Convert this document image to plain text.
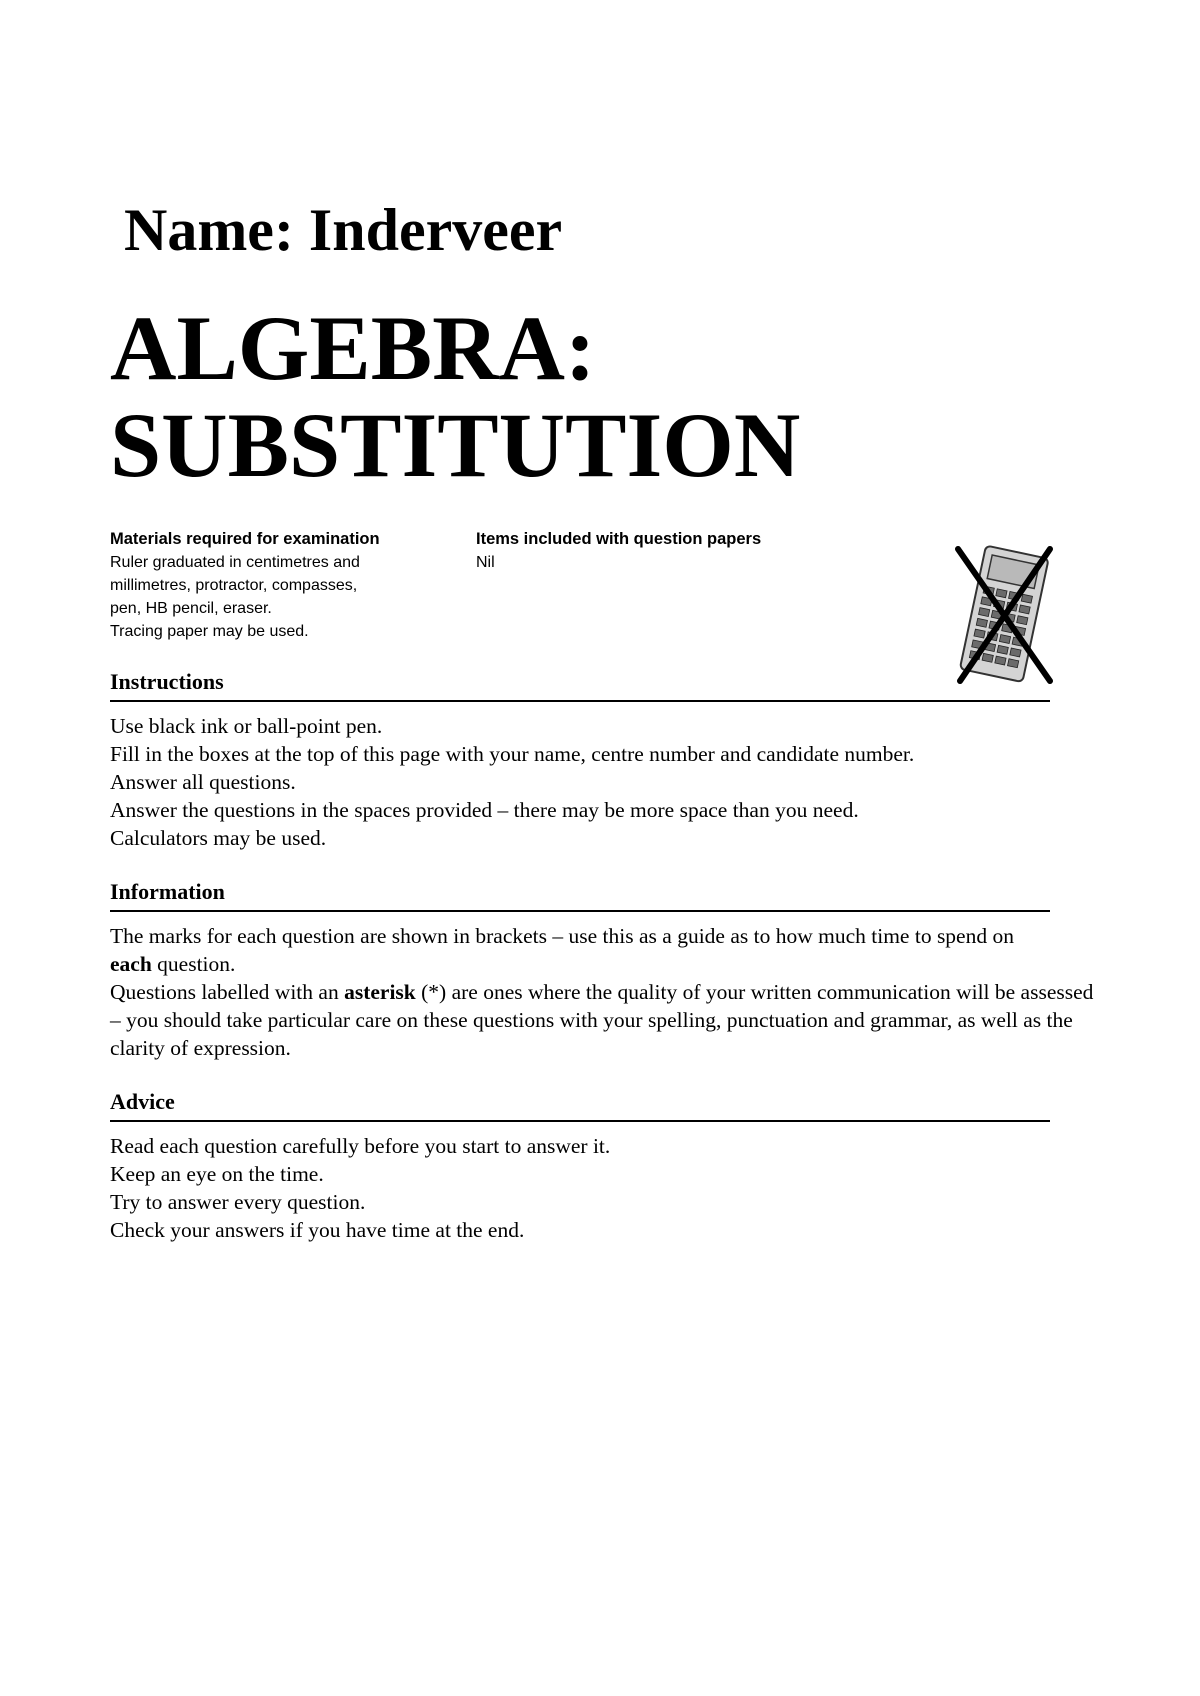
Name: Inderveer
ALGEBRA:
SUBSTITUTION
Materials required for examination
Ruler graduated in centimetres and
millimetres, protractor, compasses,
pen, HB pencil, eraser.
Tracing paper may be used.
Items included with question papers
Nil
Instructions

Use black ink or ball-point pen.

Fill in the boxes at the top of this page with your name, centre number and candidate number.

Answer all questions.

Answer the questions in the spaces provided – there may be more space than you need.

Calculators may be used.

Information

The marks for each question are shown in brackets – use this as a guide as to how much time to spend on each question.

Questions labelled with an asterisk (*) are ones where the quality of your written communication will be assessed – you should take particular care on these questions with your spelling, punctuation and grammar, as well as the clarity of expression.

Advice

Read each question carefully before you start to answer it.

Keep an eye on the time.

Try to answer every question.

Check your answers if you have time at the end.
